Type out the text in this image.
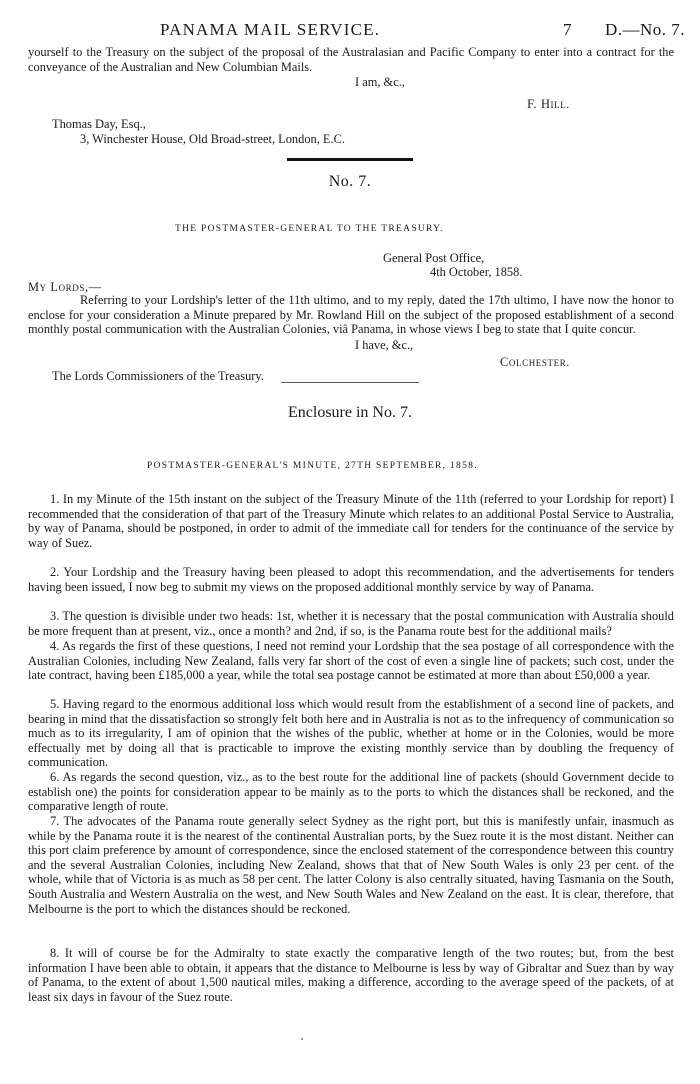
PANAMA MAIL SERVICE.	7 D.—No. 7.
yourself to the Treasury on the subject of the proposal of the Australasian and Pacific Company to enter into a contract for the conveyance of the Australian and New Columbian Mails.
I am, &c.,
F. Hill.
Thomas Day, Esq.,
3, Winchester House, Old Broad-street, London, E.C.
No. 7.
THE POSTMASTER-GENERAL TO THE TREASURY.
General Post Office,
4th October, 1858.
My Lords,—
Referring to your Lordship's letter of the 11th ultimo, and to my reply, dated the 17th ultimo, I have now the honor to enclose for your consideration a Minute prepared by Mr. Rowland Hill on the subject of the proposed establishment of a second monthly postal communication with the Australian Colonies, viâ Panama, in whose views I beg to state that I quite concur.
I have, &c.,
Colchester.
The Lords Commissioners of the Treasury.
Enclosure in No. 7.
POSTMASTER-GENERAL'S MINUTE, 27TH SEPTEMBER, 1858.
1. In my Minute of the 15th instant on the subject of the Treasury Minute of the 11th (referred to your Lordship for report) I recommended that the consideration of that part of the Treasury Minute which relates to an additional Postal Service to Australia, by way of Panama, should be postponed, in order to admit of the immediate call for tenders for the continuance of the service by way of Suez.
2. Your Lordship and the Treasury having been pleased to adopt this recommendation, and the advertisements for tenders having been issued, I now beg to submit my views on the proposed additional monthly service by way of Panama.
3. The question is divisible under two heads: 1st, whether it is necessary that the postal communication with Australia should be more frequent than at present, viz., once a month? and 2nd, if so, is the Panama route best for the additional mails?
4. As regards the first of these questions, I need not remind your Lordship that the sea postage of all correspondence with the Australian Colonies, including New Zealand, falls very far short of the cost of even a single line of packets; such cost, under the late contract, having been £185,000 a year, while the total sea postage cannot be estimated at more than about £50,000 a year.
5. Having regard to the enormous additional loss which would result from the establishment of a second line of packets, and bearing in mind that the dissatisfaction so strongly felt both here and in Australia is not as to the infrequency of communication so much as to its irregularity, I am of opinion that the wishes of the public, whether at home or in the Colonies, would be more effectually met by doing all that is practicable to improve the existing monthly service than by doubling the frequency of communication.
6. As regards the second question, viz., as to the best route for the additional line of packets (should Government decide to establish one) the points for consideration appear to be mainly as to the ports to which the distances shall be reckoned, and the comparative length of route.
7. The advocates of the Panama route generally select Sydney as the right port, but this is manifestly unfair, inasmuch as while by the Panama route it is the nearest of the continental Australian ports, by the Suez route it is the most distant. Neither can this port claim preference by amount of correspondence, since the enclosed statement of the correspondence between this country and the several Australian Colonies, including New Zealand, shows that that of New South Wales is only 23 per cent. of the whole, while that of Victoria is as much as 58 per cent. The latter Colony is also centrally situated, having Tasmania on the South, South Australia and Western Australia on the west, and New South Wales and New Zealand on the east. It is clear, therefore, that Melbourne is the port to which the distances should be reckoned.
8. It will of course be for the Admiralty to state exactly the comparative length of the two routes; but, from the best information I have been able to obtain, it appears that the distance to Melbourne is less by way of Gibraltar and Suez than by way of Panama, to the extent of about 1,500 nautical miles, making a difference, according to the average speed of the packets, of at least six days in favour of the Suez route.
